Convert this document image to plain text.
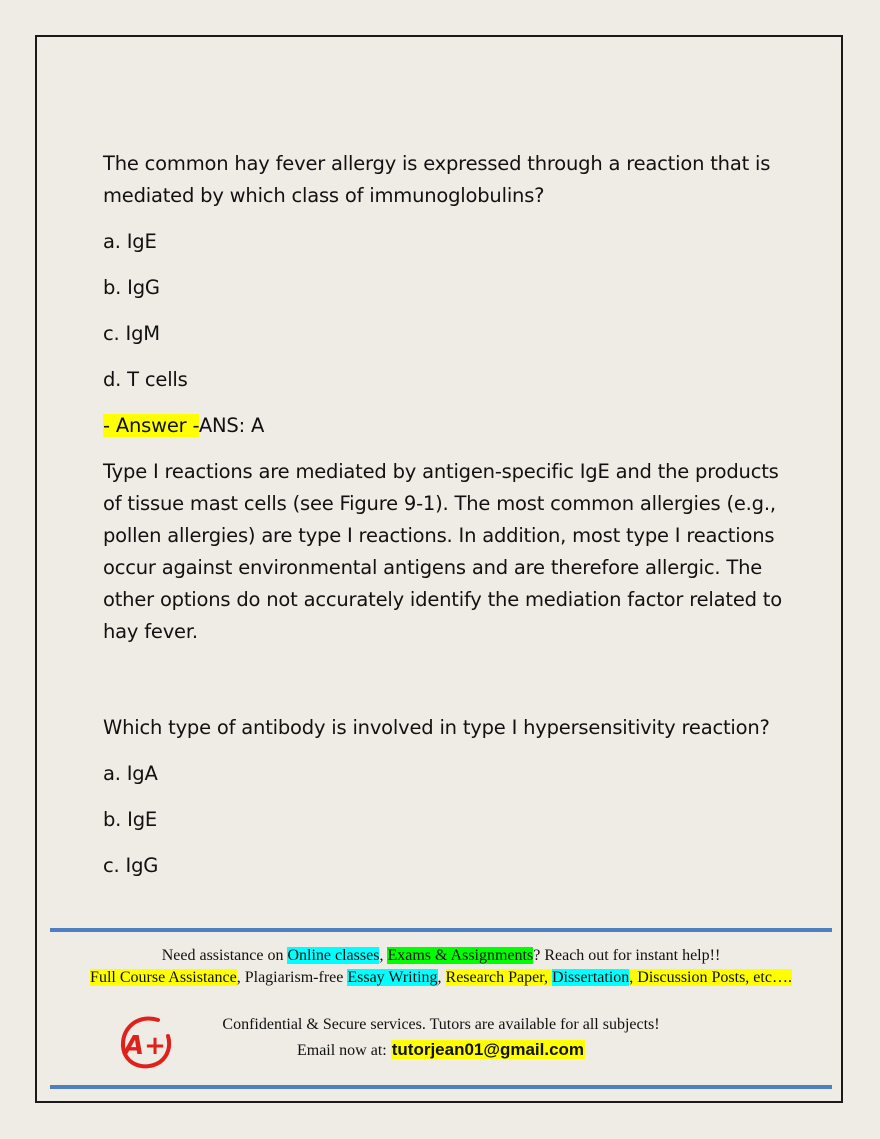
The common hay fever allergy is expressed through a reaction that is mediated by which class of immunoglobulins?
a. IgE
b. IgG
c. IgM
d. T cells
- Answer -ANS: A
Type I reactions are mediated by antigen-specific IgE and the products of tissue mast cells (see Figure 9-1). The most common allergies (e.g., pollen allergies) are type I reactions. In addition, most type I reactions occur against environmental antigens and are therefore allergic. The other options do not accurately identify the mediation factor related to hay fever.
Which type of antibody is involved in type I hypersensitivity reaction?
a. IgA
b. IgE
c. IgG
Need assistance on Online classes, Exams & Assignments? Reach out for instant help!!
Full Course Assistance, Plagiarism-free Essay Writing, Research Paper, Dissertation, Discussion Posts, etc….
A+
Confidential & Secure services. Tutors are available for all subjects!
Email now at: tutorjean01@gmail.com
